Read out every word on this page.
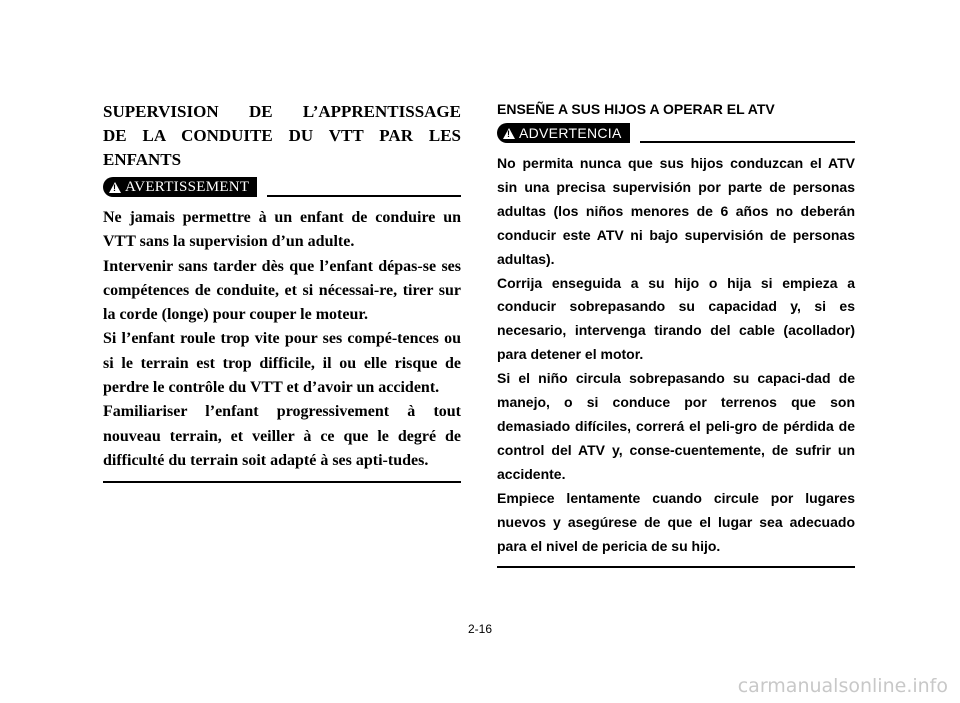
SUPERVISION DE L’APPRENTISSAGE
DE LA CONDUITE DU VTT PAR LES
ENFANTS
!
AVERTISSEMENT

Ne jamais permettre à un enfant de conduire un VTT sans la supervision d’un adulte.

Intervenir sans tarder dès que l’enfant dépas-se ses compétences de conduite, et si nécessai-re, tirer sur la corde (longe) pour couper le moteur.

Si l’enfant roule trop vite pour ses compé-tences ou si le terrain est trop difficile, il ou elle risque de perdre le contrôle du VTT et d’avoir un accident.

Familiariser l’enfant progressivement à tout nouveau terrain, et veiller à ce que le degré de difficulté du terrain soit adapté à ses apti-tudes.

ENSEÑE A SUS HIJOS A OPERAR EL ATV
!
ADVERTENCIA

No permita nunca que sus hijos conduzcan el ATV sin una precisa supervisión por parte de personas adultas (los niños menores de 6 años no deberán conducir este ATV ni bajo supervisión de personas adultas).

Corrija enseguida a su hijo o hija si empieza a conducir sobrepasando su capacidad y, si es necesario, intervenga tirando del cable (acollador) para detener el motor.

Si el niño circula sobrepasando su capaci-dad de manejo, o si conduce por terrenos que son demasiado difíciles, correrá el peli-gro de pérdida de control del ATV y, conse-cuentemente, de sufrir un accidente.

Empiece lentamente cuando circule por lugares nuevos y asegúrese de que el lugar sea adecuado para el nivel de pericia de su hijo.

2-16

carmanualsonline.info
